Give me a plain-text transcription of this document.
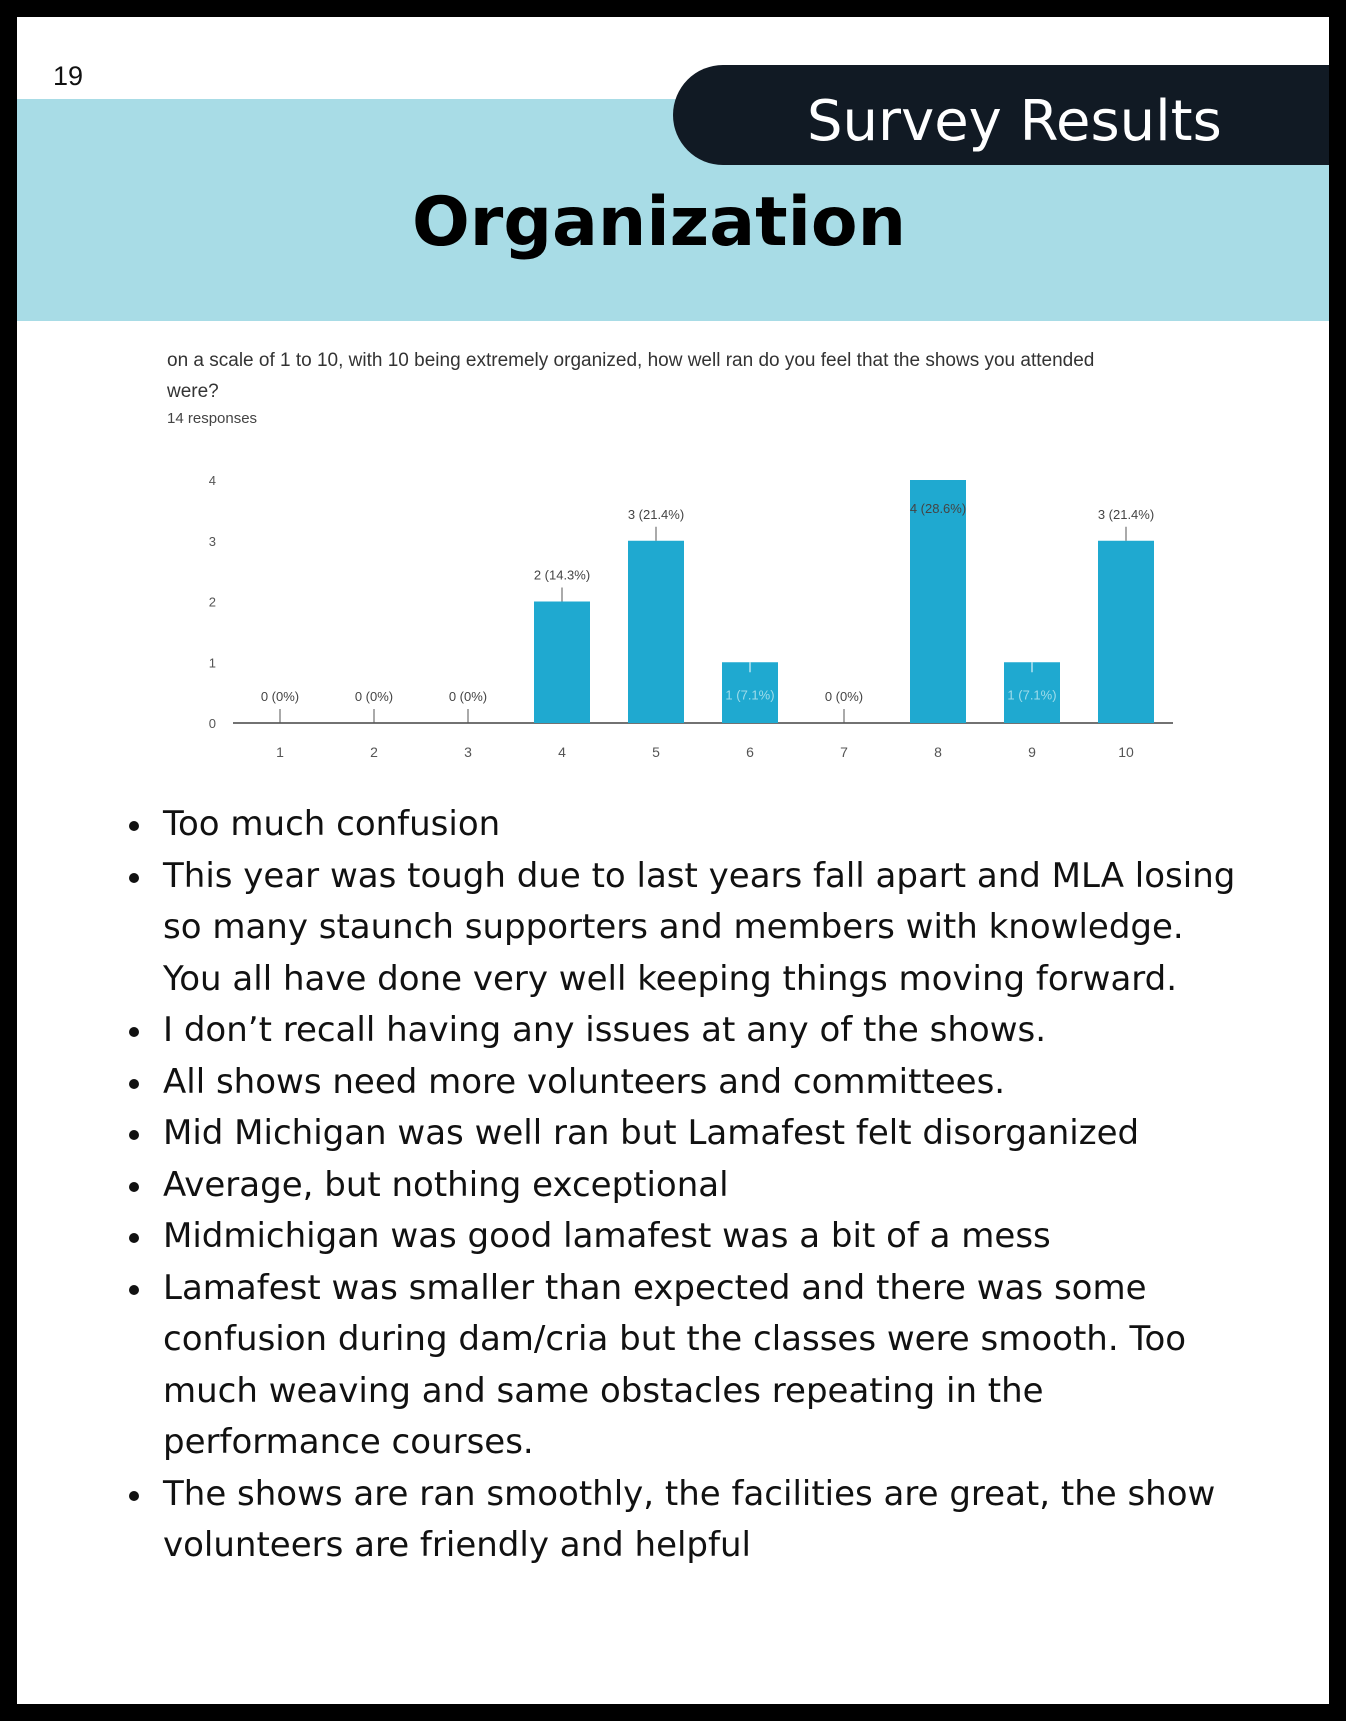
19
Survey Results
Organization
on a scale of 1 to 10, with 10 being extremely organized, how well ran do you feel that the shows you attended were?
14 responses
0
1
2
3
4
1
0 (0%)
2
0 (0%)
3
0 (0%)
4
2 (14.3%)
5
3 (21.4%)
6
1 (7.1%)
7
0 (0%)
8
4 (28.6%)
9
1 (7.1%)
10
3 (21.4%)
Too much confusion
This year was tough due to last years fall apart and MLA losing so many staunch supporters and members with knowledge. You all have done very well keeping things moving forward.
I don’t recall having any issues at any of the shows.
All shows need more volunteers and committees.
Mid Michigan was well ran but Lamafest felt disorganized
Average, but nothing exceptional
Midmichigan was good lamafest was a bit of a mess
Lamafest was smaller than expected and there was some confusion during dam/cria but the classes were smooth. Too much weaving and same obstacles repeating in the performance courses.
The shows are ran smoothly, the facilities are great, the show volunteers are friendly and helpful
